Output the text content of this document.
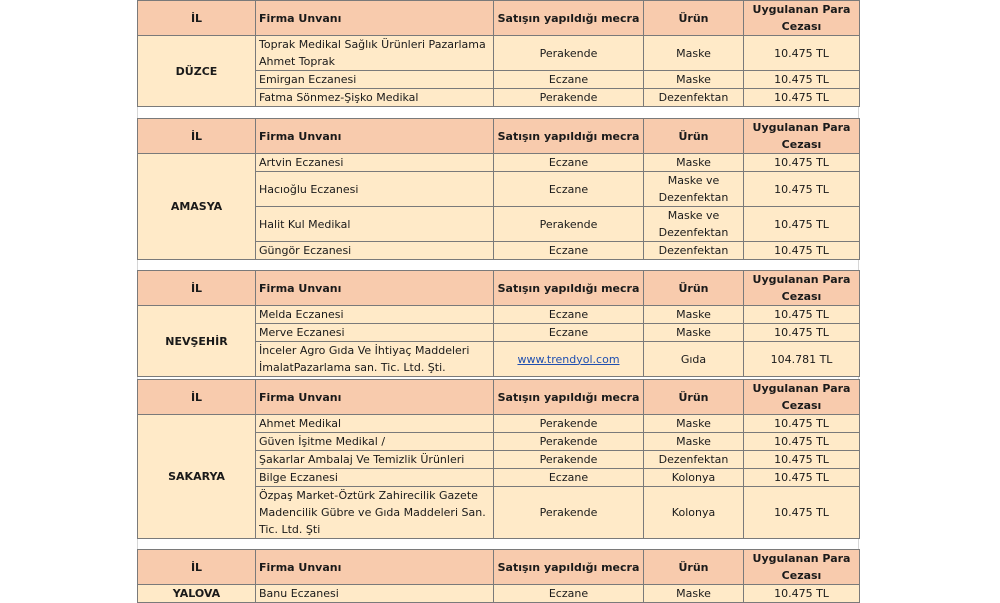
İL	Firma Unvanı	Satışın yapıldığı mecra	Ürün	Uygulanan Para
Cezası
DÜZCE	Toprak Medikal Sağlık Ürünleri Pazarlama Ahmet Toprak	Perakende	Maske	10.475 TL
	Emirgan Eczanesi	Eczane	Maske	10.475 TL
	Fatma Sönmez-Şişko Medikal	Perakende	Dezenfektan	10.475 TL
İL	Firma Unvanı	Satışın yapıldığı mecra	Ürün	Uygulanan Para
Cezası
AMASYA	Artvin Eczanesi	Eczane	Maske	10.475 TL
	Hacıoğlu Eczanesi	Eczane	Maske ve Dezenfektan	10.475 TL
	Halit Kul Medikal	Perakende	Maske ve Dezenfektan	10.475 TL
	Güngör Eczanesi	Eczane	Dezenfektan	10.475 TL
İL	Firma Unvanı	Satışın yapıldığı mecra	Ürün	Uygulanan Para
Cezası
NEVŞEHİR	Melda Eczanesi	Eczane	Maske	10.475 TL
	Merve Eczanesi	Eczane	Maske	10.475 TL
	İnceler Agro Gıda Ve İhtiyaç Maddeleri İmalatPazarlama san. Tic. Ltd. Şti.	www.trendyol.com	Gıda	104.781 TL
İL	Firma Unvanı	Satışın yapıldığı mecra	Ürün	Uygulanan Para
Cezası
SAKARYA	Ahmet Medikal	Perakende	Maske	10.475 TL
	Güven İşitme Medikal /	Perakende	Maske	10.475 TL
	Şakarlar Ambalaj Ve Temizlik Ürünleri	Perakende	Dezenfektan	10.475 TL
	Bilge Eczanesi	Eczane	Kolonya	10.475 TL
	Özpaş Market-Öztürk Zahirecilik Gazete Madencilik Gübre ve Gıda Maddeleri San. Tic. Ltd. Şti	Perakende	Kolonya	10.475 TL
İL	Firma Unvanı	Satışın yapıldığı mecra	Ürün	Uygulanan Para
Cezası
YALOVA	Banu Eczanesi	Eczane	Maske	10.475 TL
